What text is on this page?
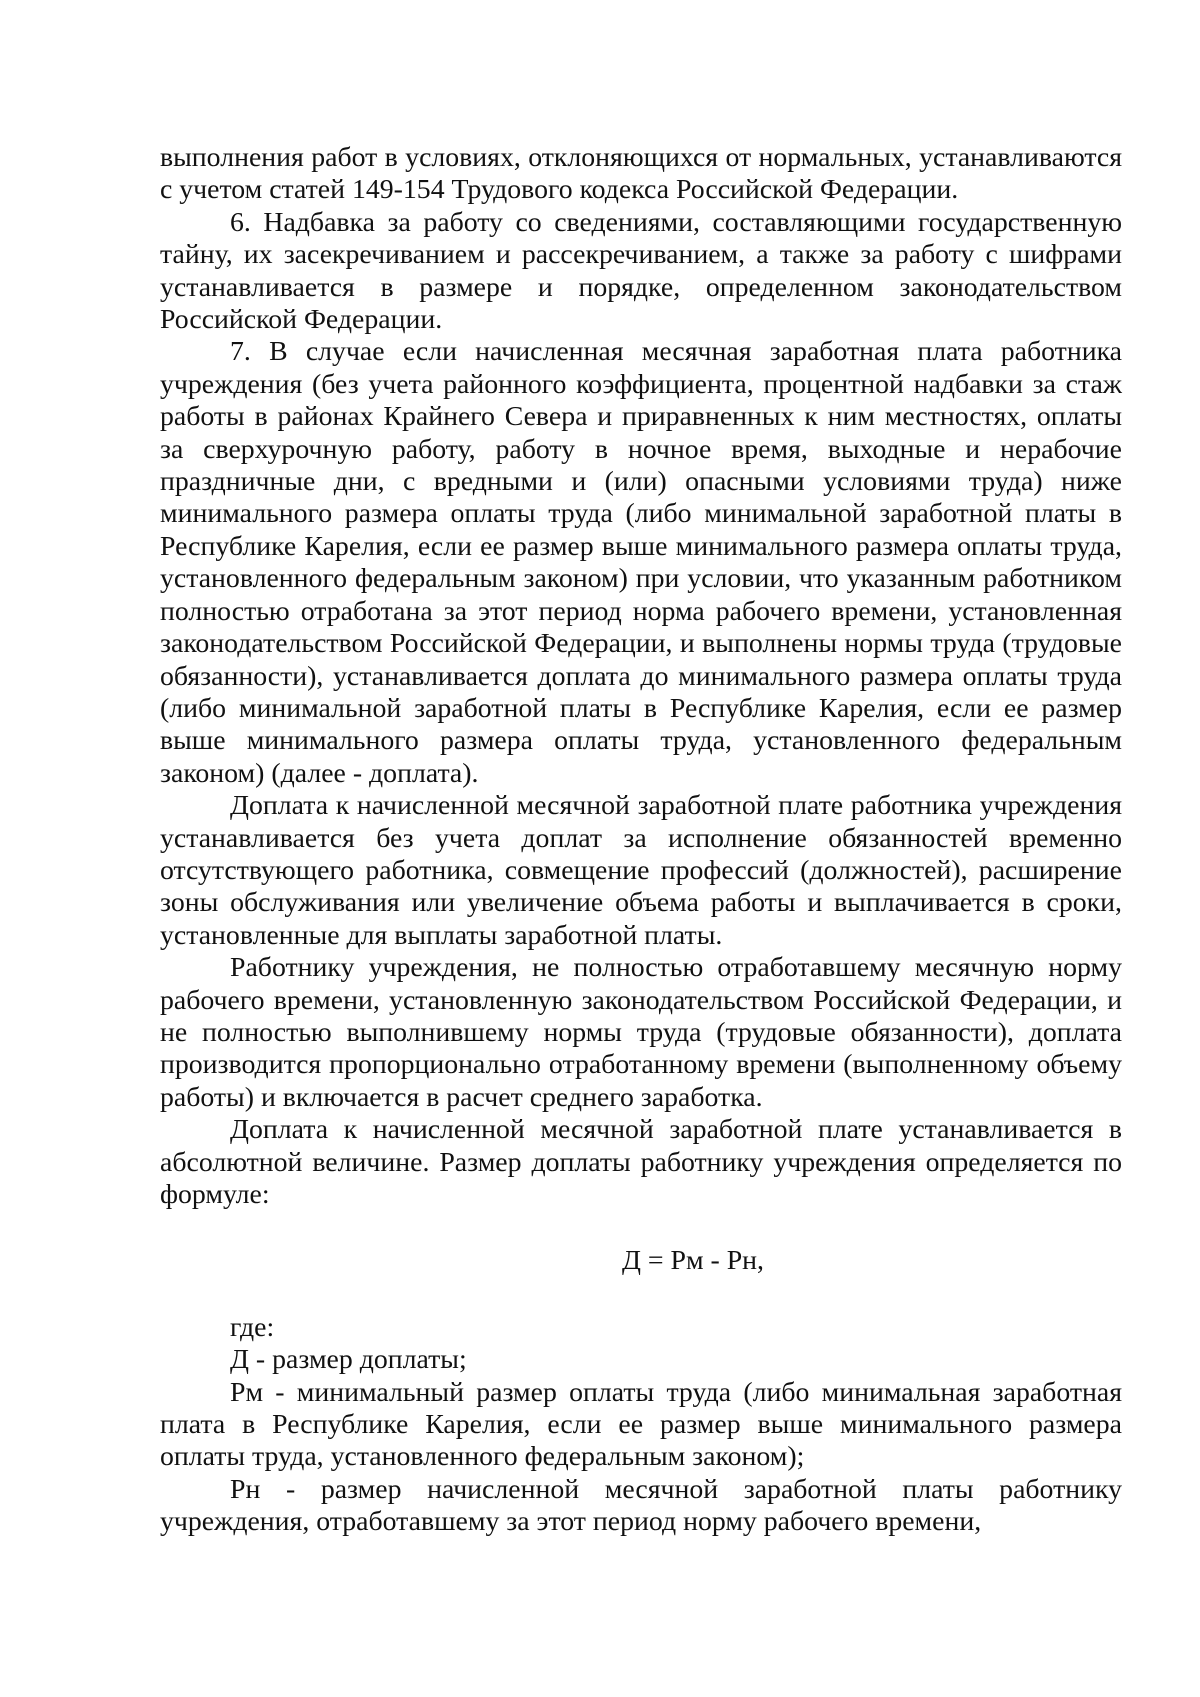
выполнения работ в условиях, отклоняющихся от нормальных, устанавливаются с учетом статей 149-154 Трудового кодекса Российской Федерации.

6. Надбавка за работу со сведениями, составляющими государственную тайну, их засекречиванием и рассекречиванием, а также за работу с шифрами устанавливается в размере и порядке, определенном законодательством Российской Федерации.

7. В случае если начисленная месячная заработная плата работника учреждения (без учета районного коэффициента, процентной надбавки за стаж работы в районах Крайнего Севера и приравненных к ним местностях, оплаты за сверхурочную работу, работу в ночное время, выходные и нерабочие праздничные дни, с вредными и (или) опасными условиями труда) ниже минимального размера оплаты труда (либо минимальной заработной платы в Республике Карелия, если ее размер выше минимального размера оплаты труда, установленного федеральным законом) при условии, что указанным работником полностью отработана за этот период норма рабочего времени, установленная законодательством Российской Федерации, и выполнены нормы труда (трудовые обязанности), устанавливается доплата до минимального размера оплаты труда (либо минимальной заработной платы в Республике Карелия, если ее размер выше минимального размера оплаты труда, установленного федеральным законом) (далее - доплата).

Доплата к начисленной месячной заработной плате работника учреждения устанавливается без учета доплат за исполнение обязанностей временно отсутствующего работника, совмещение профессий (должностей), расширение зоны обслуживания или увеличение объема работы и выплачивается в сроки, установленные для выплаты заработной платы.

Работнику учреждения, не полностью отработавшему месячную норму рабочего времени, установленную законодательством Российской Федерации, и не полностью выполнившему нормы труда (трудовые обязанности), доплата производится пропорционально отработанному времени (выполненному объему работы) и включается в расчет среднего заработка.

Доплата к начисленной месячной заработной плате устанавливается в абсолютной величине. Размер доплаты работнику учреждения определяется по формуле:

Д = Рм - Рн,

где:

Д - размер доплаты;

Рм - минимальный размер оплаты труда (либо минимальная заработная плата в Республике Карелия, если ее размер выше минимального размера оплаты труда, установленного федеральным законом);

Рн - размер начисленной месячной заработной платы работнику учреждения, отработавшему за этот период норму рабочего времени,
